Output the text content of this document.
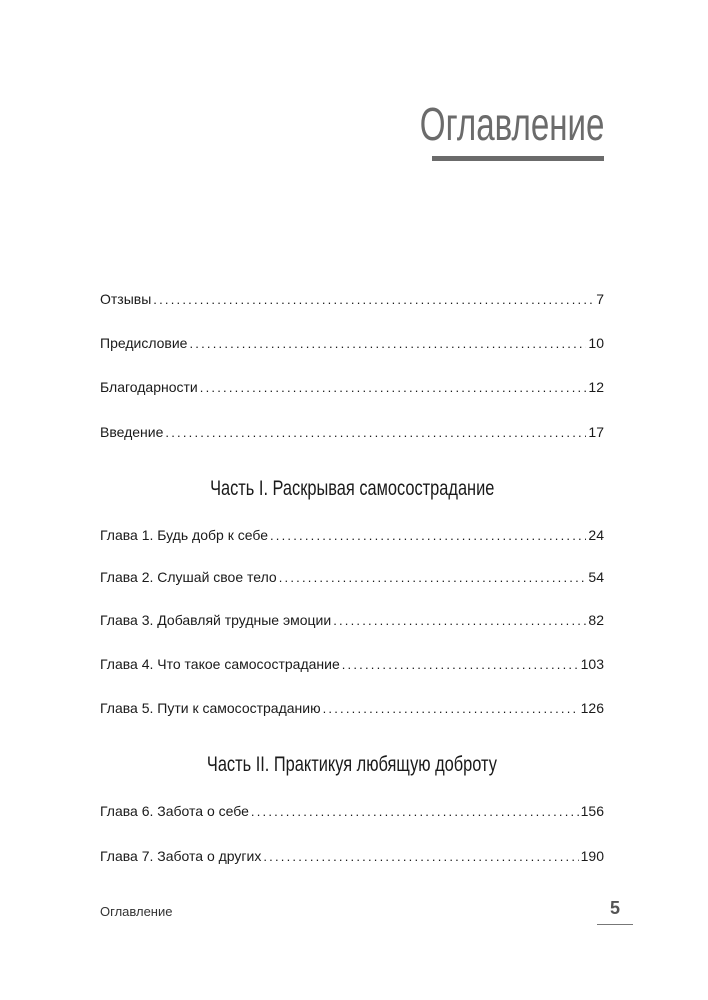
Оглавление
Отзывы .....	7
Предисловие .....	10
Благодарности .....	12
Введение .....	17
Часть I. Раскрывая самосострадание
Глава 1. Будь добр к себе .....	24
Глава 2. Слушай свое тело .....	54
Глава 3. Добавляй трудные эмоции .....	82
Глава 4. Что такое самосострадание .....	103
Глава 5. Пути к самосостраданию .....	126
Часть II. Практикуя любящую доброту
Глава 6. Забота о себе .....	156
Глава 7. Забота о других .....	190
Оглавление	5
